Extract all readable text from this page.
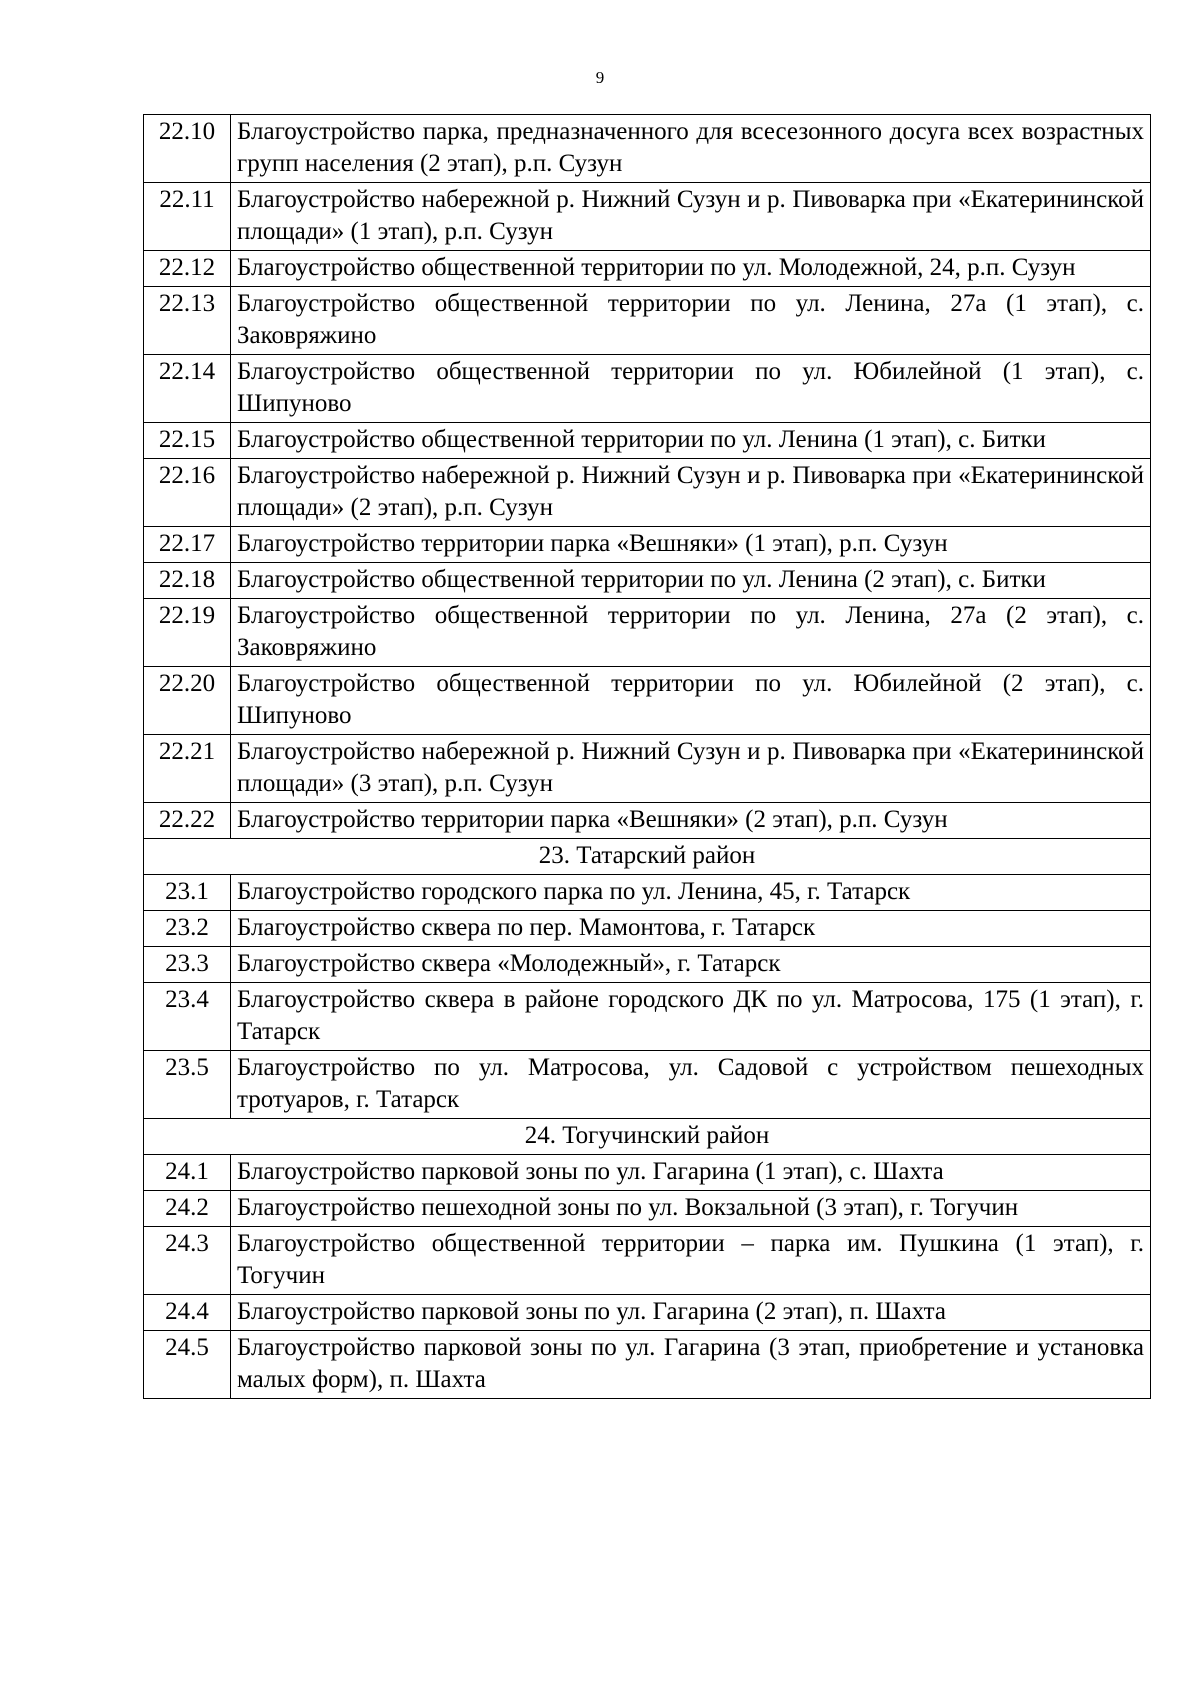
9
22.10	Благоустройство парка, предназначенного для всесезонного досуга всех возрастных групп населения (2 этап), р.п. Сузун
22.11	Благоустройство набережной р. Нижний Сузун и р. Пивоварка при «Екатерининской площади» (1 этап), р.п. Сузун
22.12	Благоустройство общественной территории по ул. Молодежной, 24, р.п. Сузун
22.13	Благоустройство общественной территории по ул. Ленина, 27а (1 этап), с. Заковряжино
22.14	Благоустройство общественной территории по ул. Юбилейной (1 этап), с. Шипуново
22.15	Благоустройство общественной территории по ул. Ленина (1 этап), с. Битки
22.16	Благоустройство набережной р. Нижний Сузун и р. Пивоварка при «Екатерининской площади» (2 этап), р.п. Сузун
22.17	Благоустройство территории парка «Вешняки» (1 этап), р.п. Сузун
22.18	Благоустройство общественной территории по ул. Ленина (2 этап), с. Битки
22.19	Благоустройство общественной территории по ул. Ленина, 27а (2 этап), с. Заковряжино
22.20	Благоустройство общественной территории по ул. Юбилейной (2 этап), с. Шипуново
22.21	Благоустройство набережной р. Нижний Сузун и р. Пивоварка при «Екатерининской площади» (3 этап), р.п. Сузун
22.22	Благоустройство территории парка «Вешняки» (2 этап), р.п. Сузун
23. Татарский район	
23.1	Благоустройство городского парка по ул. Ленина, 45, г. Татарск
23.2	Благоустройство сквера по пер. Мамонтова, г. Татарск
23.3	Благоустройство сквера «Молодежный», г. Татарск
23.4	Благоустройство сквера в районе городского ДК по ул. Матросова, 175 (1 этап), г. Татарск
23.5	Благоустройство по ул. Матросова, ул. Садовой с устройством пешеходных тротуаров, г. Татарск
24. Тогучинский район	
24.1	Благоустройство парковой зоны по ул. Гагарина (1 этап), с. Шахта
24.2	Благоустройство пешеходной зоны по ул. Вокзальной (3 этап), г. Тогучин
24.3	Благоустройство общественной территории – парка им. Пушкина (1 этап), г. Тогучин
24.4	Благоустройство парковой зоны по ул. Гагарина (2 этап), п. Шахта
24.5	Благоустройство парковой зоны по ул. Гагарина (3 этап, приобретение и установка малых форм), п. Шахта
